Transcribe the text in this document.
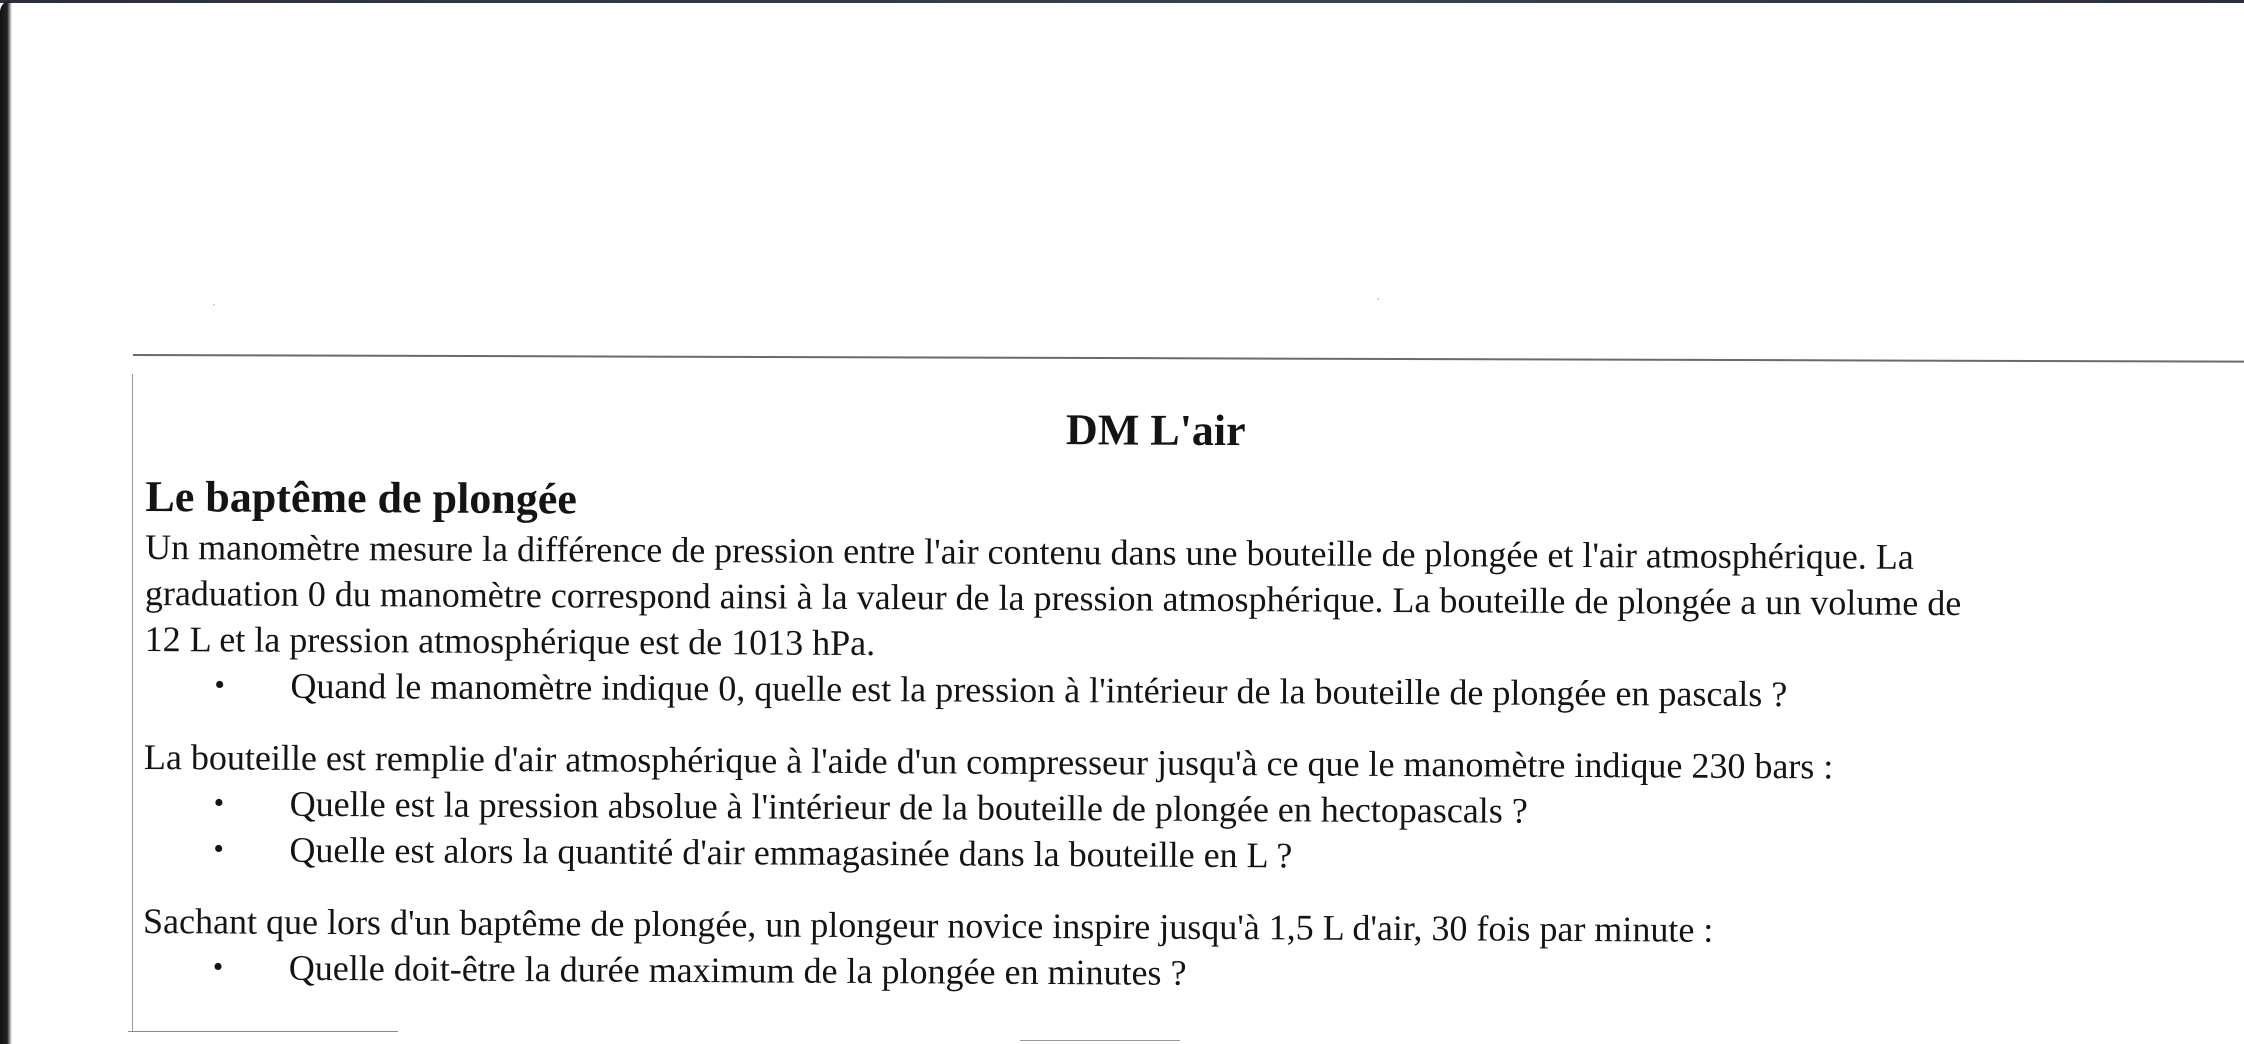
DM L'air
Le baptême de plongée

Un manomètre mesure la différence de pression entre l'air contenu dans une bouteille de plongée et l'air atmosphérique. La
graduation 0 du manomètre correspond ainsi à la valeur de la pression atmosphérique. La bouteille de plongée a un volume de
12 L et la pression atmosphérique est de 1013 hPa.

• Quand le manomètre indique 0, quelle est la pression à l'intérieur de la bouteille de plongée en pascals ?

La bouteille est remplie d'air atmosphérique à l'aide d'un compresseur jusqu'à ce que le manomètre indique 230 bars :

• Quelle est la pression absolue à l'intérieur de la bouteille de plongée en hectopascals ?
• Quelle est alors la quantité d'air emmagasinée dans la bouteille en L ?

Sachant que lors d'un baptême de plongée, un plongeur novice inspire jusqu'à 1,5 L d'air, 30 fois par minute :

• Quelle doit-être la durée maximum de la plongée en minutes ?
